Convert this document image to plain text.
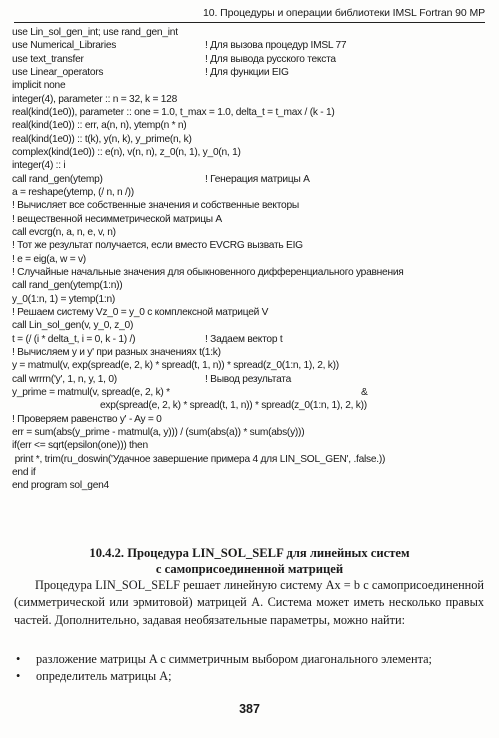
10. Процедуры и операции библиотеки IMSL Fortran 90 MP
use Lin_sol_gen_int; use rand_gen_int
use Numerical_Libraries	! Для вызова процедур IMSL 77
use text_transfer	! Для вывода русского текста
use Linear_operators	! Для функции EIG
implicit none
integer(4), parameter :: n = 32, k = 128
real(kind(1e0)), parameter :: one = 1.0, t_max = 1.0, delta_t = t_max / (k - 1)
real(kind(1e0)) :: err, a(n, n), ytemp(n * n)
real(kind(1e0)) :: t(k), y(n, k), y_prime(n, k)
complex(kind(1e0)) :: e(n), v(n, n), z_0(n, 1), y_0(n, 1)
integer(4) :: i
call rand_gen(ytemp)	! Генерация матрицы A
a = reshape(ytemp, (/ n, n /))
! Вычисляет все собственные значения и собственные векторы
! вещественной несимметрической матрицы A
call evcrg(n, a, n, e, v, n)
! Тот же результат получается, если вместо EVCRG вызвать EIG
! e = eig(a, w = v)
! Случайные начальные значения для обыкновенного дифференциального уравнения
call rand_gen(ytemp(1:n))
y_0(1:n, 1) = ytemp(1:n)
! Решаем систему Vz_0 = y_0 с комплексной матрицей V
call Lin_sol_gen(v, y_0, z_0)
t = (/ (i * delta_t, i = 0, k - 1) /)	! Задаем вектор t
! Вычисляем y и y' при разных значениях t(1:k)
y = matmul(v, exp(spread(e, 2, k) * spread(t, 1, n)) * spread(z_0(1:n, 1), 2, k))
call wrrrn('y', 1, n, y, 1, 0)	! Вывод результата
y_prime = matmul(v, spread(e, 2, k) *	&
exp(spread(e, 2, k) * spread(t, 1, n)) * spread(z_0(1:n, 1), 2, k))
! Проверяем равенство y' - Ay = 0
err = sum(abs(y_prime - matmul(a, y))) / (sum(abs(a)) * sum(abs(y)))
if(err <= sqrt(epsilon(one))) then
print *, trim(ru_doswin('Удачное завершение примера 4 для LIN_SOL_GEN', .false.))
end if
end program sol_gen4
10.4.2. Процедура LIN_SOL_SELF для линейных систем
с самоприсоединенной матрицей

Процедура LIN_SOL_SELF решает линейную систему Ax = b с самоприсоединенной (симметрической или эрмитовой) матрицей A. Система может иметь несколько правых частей. Дополнительно, задавая необязательные параметры, можно найти:

• разложение матрицы A с симметричным выбором диагонального элемента;
• определитель матрицы A;
387
